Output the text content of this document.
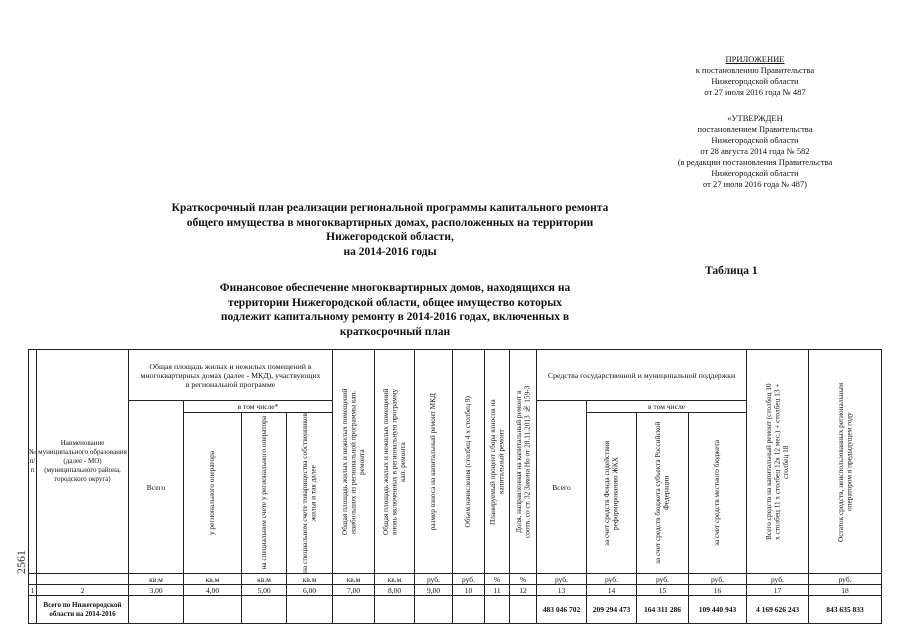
ПРИЛОЖЕНИЕ
к постановлению Правительства
Нижегородской области
от 27 июля 2016 года № 487
«УТВЕРЖДЕН
постановлением Правительства
Нижегородской области
от 28 августа 2014 года № 582
(в редакции постановления Правительства
Нижегородской области
от 27 июля 2016 года № 487)
Краткосрочный план реализации региональной программы капитального ремонта
общего имущества в многоквартирных домах, расположенных на территории
Нижегородской области,
на 2014-2016 годы
Таблица 1
Финансовое обеспечение многоквартирных домов, находящихся на
территории Нижегородской области, общее имущество которых
подлежит капитальному ремонту в 2014-2016 годах, включенных в
краткосрочный план
2561
№ п/п	Наименование муниципального образования (далее - МО) (муниципального района, городского округа)	Общая площадь жилых и нежилых помещений в многоквартирных домах (далее - МКД), участвующих в региональной программе				Общая площадь жилых и нежилых помещений наибольших из региональной программы кап. ремонта	Общая площадь жилых и нежилых помещений вновь включенных в региональную программу кап. ремонта	размер взноса на капитальный ремонт МКД	Объем начисления (столбец 4 х столбец 9)	Планируемый процент сбора взносов на капитальный ремонт	Доля, направленная на капитальный ремонт в соотв. со ст. 32 Закона Но от 28.11.2013 № 159-З	Средства государственной и муниципальной поддержки				Всего средств на капитальный ремонт (столбец 10 х столбец 11 х столбец 12к 12 мес.) + столбец 13 + столбец 18	Остаток средств, неиспользованных региональным оператором в предыдущем году

		Всего	в том числе*									Всего	в том числе				

			у регионального оператора	на специальном счете у регионального оператора	на специальном счете товарищества собственников жилья и так далее								за счет средств Фонда содействия реформированию ЖКХ	за счет средств бюджета субъекта Российской Федерации	за счет средств местного бюджета		

		кв.м	кв.м	кв.м	кв.м	кв.м	кв.м	руб.	руб.	%	%	руб.	руб.	руб.	руб.	руб.	руб.
1	2	3,00	4,00	5,00	6,00	7,00	8,00	9,00	10	11	12	13	14	15	16	17	18
	Всего по Нижегородской области на 2014-2016											483 046 702	209 294 473	164 311 286	109 440 943	4 169 626 243	843 635 833
